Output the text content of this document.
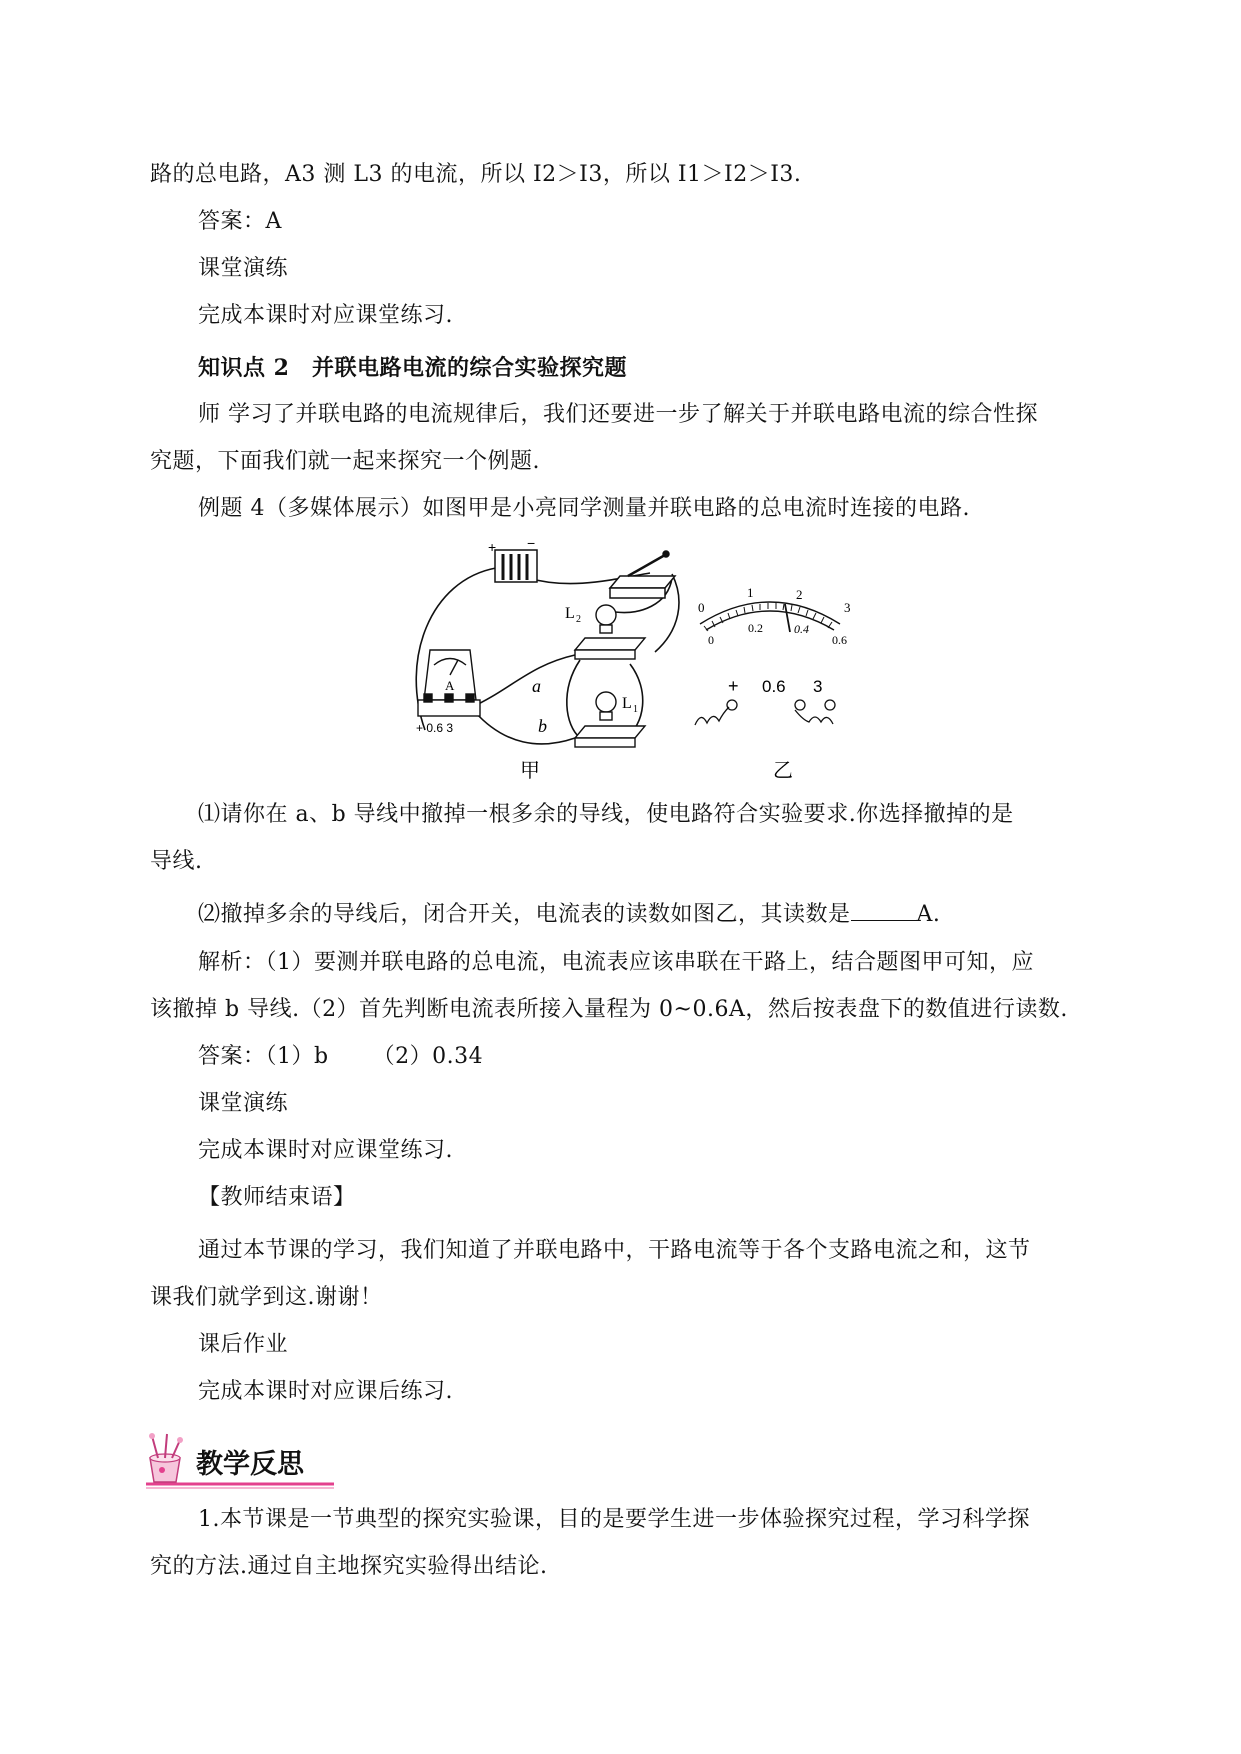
路的总电路，A3 测 L3 的电流，所以 I2＞I3，所以 I1＞I2＞I3.
答案：A
课堂演练
完成本课时对应课堂练习.
知识点 2　并联电路电流的综合实验探究题
师 学习了并联电路的电流规律后，我们还要进一步了解关于并联电路电流的综合性探
究题，下面我们就一起来探究一个例题.
例题 4（多媒体展示）如图甲是小亮同学测量并联电路的总电流时连接的电路.
+ −
L 2
L 1
A
+ 0.6 3
a
b
0
1	2
3
0
0.2	0.4
0.6
+ 0.6 3
甲	乙
⑴请你在 a、b 导线中撤掉一根多余的导线，使电路符合实验要求.你选择撤掉的是
导线.
⑵撤掉多余的导线后，闭合开关，电流表的读数如图乙，其读数是	A.
解析：（1）要测并联电路的总电流，电流表应该串联在干路上，结合题图甲可知，应
该撤掉 b 导线.（2）首先判断电流表所接入量程为 0~0.6A，然后按表盘下的数值进行读数.
答案：（1）b （2）0.34
课堂演练
完成本课时对应课堂练习.
【教师结束语】
通过本节课的学习，我们知道了并联电路中，干路电流等于各个支路电流之和，这节
课我们就学到这.谢谢！
课后作业
完成本课时对应课后练习.
教学反思
1.本节课是一节典型的探究实验课，目的是要学生进一步体验探究过程，学习科学探
究的方法.通过自主地探究实验得出结论.
